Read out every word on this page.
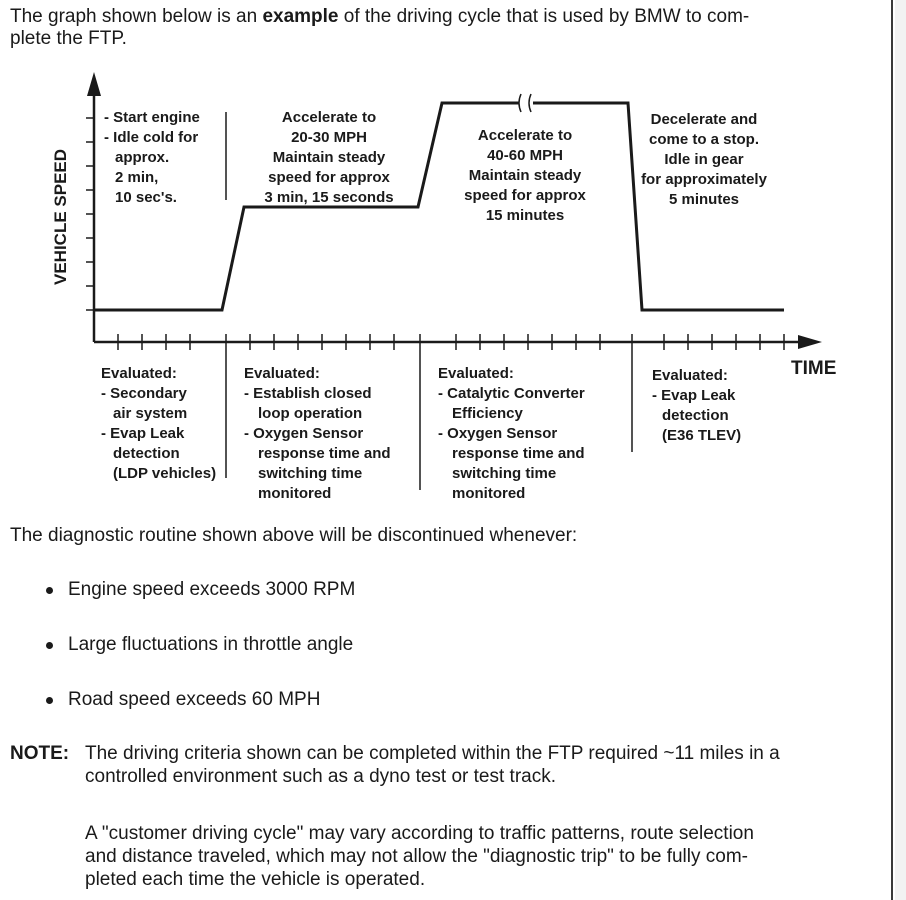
The graph shown below is an example of the driving cycle that is used by BMW to com-
plete the FTP.
VEHICLE SPEED
TIME
- Start engine
- Idle cold for
approx.
2 min,
10 sec's.
Accelerate to
20-30 MPH
Maintain steady
speed for approx
3 min, 15 seconds
Accelerate to
40-60 MPH
Maintain steady
speed for approx
15 minutes
Decelerate and
come to a stop.
Idle in gear
for approximately
5 minutes
Evaluated:
- Secondary
air system
- Evap Leak
detection
(LDP vehicles)
Evaluated:
- Establish closed
loop operation
- Oxygen Sensor
response time and
switching time
monitored
Evaluated:
- Catalytic Converter
Efficiency
- Oxygen Sensor
response time and
switching time
monitored
Evaluated:
- Evap Leak
detection
(E36 TLEV)
The diagnostic routine shown above will be discontinued whenever:
Engine speed exceeds 3000 RPM
Large fluctuations in throttle angle
Road speed exceeds 60 MPH
NOTE: The driving criteria shown can be completed within the FTP required ~11 miles in a
controlled environment such as a dyno test or test track.
A "customer driving cycle" may vary according to traffic patterns, route selection
and distance traveled, which may not allow the "diagnostic trip" to be fully com-
pleted each time the vehicle is operated.
